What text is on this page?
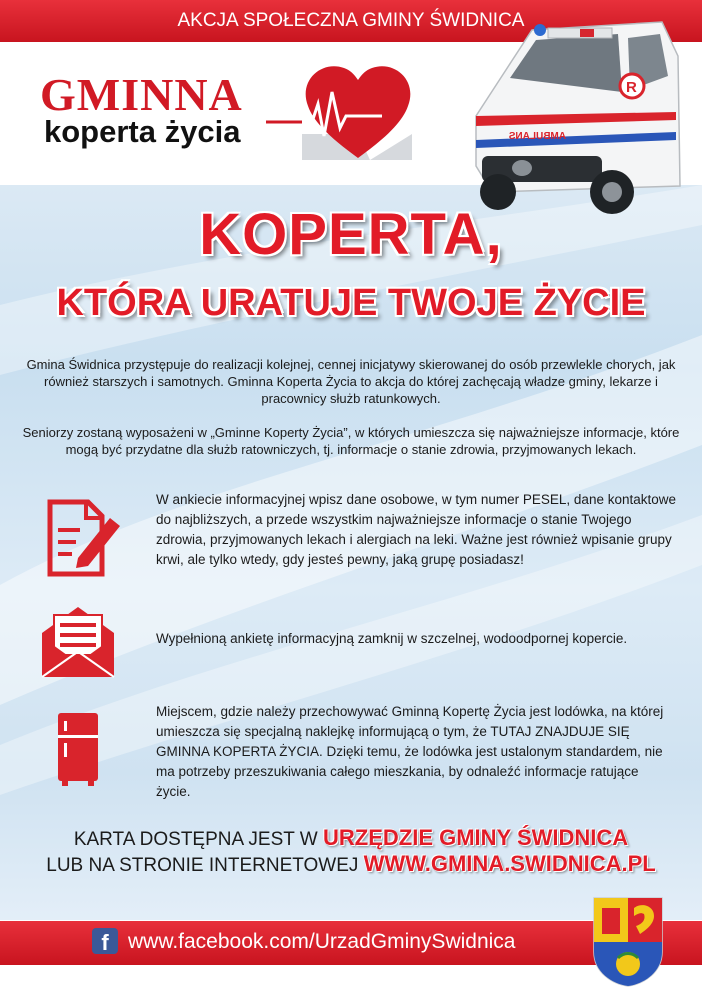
AKCJA SPOŁECZNA GMINY ŚWIDNICA
GMINNA
koperta życia	AMBULANS
R
KOPERTA,
KTÓRA URATUJE TWOJE ŻYCIE

Gmina Świdnica przystępuje do realizacji kolejnej, cennej inicjatywy skierowanej do osób przewlekle chorych, jak również starszych i samotnych. Gminna Koperta Życia to akcja do której zachęcają władze gminy, lekarze i pracownicy służb ratunkowych.

Seniorzy zostaną wyposażeni w „Gminne Koperty Życia”, w których umieszcza się najważniejsze informacje, które mogą być przydatne dla służb ratowniczych, tj. informacje o stanie zdrowia, przyjmowanych lekach.

W ankiecie informacyjnej wpisz dane osobowe, w tym numer PESEL, dane kontaktowe do najbliższych, a przede wszystkim najważniejsze informacje o stanie Twojego zdrowia, przyjmowanych lekach i alergiach na leki. Ważne jest również wpisanie grupy krwi, ale tylko wtedy, gdy jesteś pewny, jaką grupę posiadasz!

Wypełnioną ankietę informacyjną zamknij w szczelnej, wodoodpornej kopercie.

Miejscem, gdzie należy przechowywać Gminną Kopertę Życia jest lodówka, na której umieszcza się specjalną naklejkę informującą o tym, że TUTAJ ZNAJDUJE SIĘ GMINNA KOPERTA ŻYCIA. Dzięki temu, że lodówka jest ustalonym standardem, nie ma potrzeby przeszukiwania całego mieszkania, by odnaleźć informacje ratujące życie.

KARTA DOSTĘPNA JEST W URZĘDZIE GMINY ŚWIDNICA
LUB NA STRONIE INTERNETOWEJ WWW.GMINA.SWIDNICA.PL
f www.facebook.com/UrzadGminySwidnica
